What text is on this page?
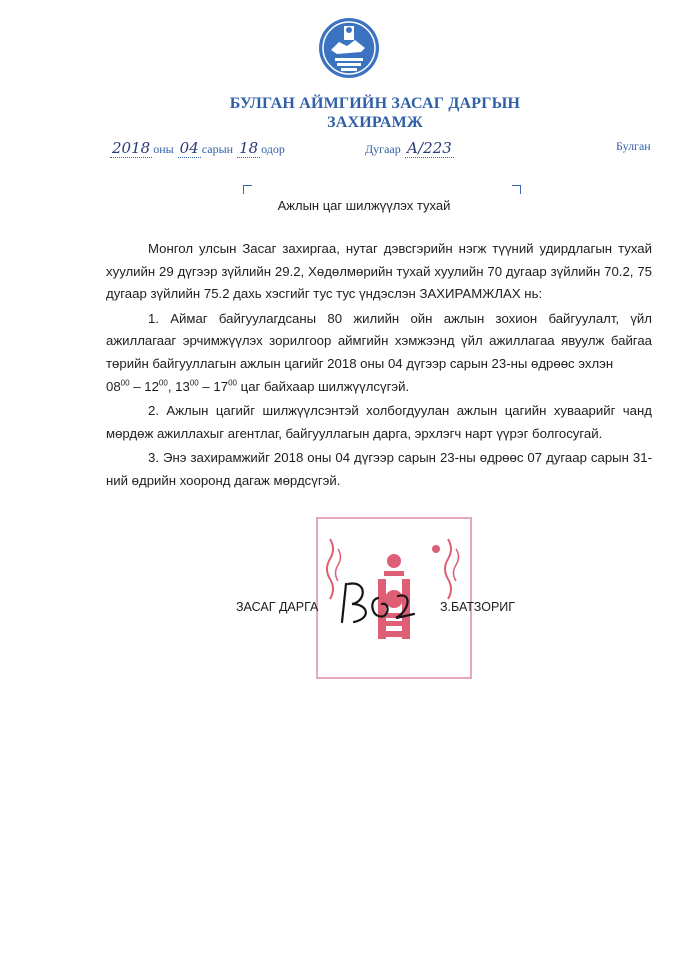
БУЛГАН АЙМГИЙН ЗАСАГ ДАРГЫН
ЗАХИРАМЖ
2018 оны 04 сарын 18 одор	Дугаар А/223	Булган
Ажлын цаг шилжүүлэх тухай

Монгол улсын Засаг захиргаа, нутаг дэвсгэрийн нэгж түүний удирдлагын тухай хуулийн 29 дүгээр зүйлийн 29.2, Хөдөлмөрийн тухай хуулийн 70 дугаар зүйлийн 70.2, 75 дугаар зүйлийн 75.2 дахь хэсгийг тус тус үндэслэн ЗАХИРАМЖЛАХ нь:

1. Аймаг байгуулагдсаны 80 жилийн ойн ажлын зохион байгуулалт, үйл ажиллагаaг эрчимжүүлэх зорилгоор аймгийн хэмжээнд үйл ажиллагаа явуулж байгаа төрийн байгууллагын ажлын цагийг 2018 оны 04 дүгээр сарын 23-ны өдрөөс эхлэн
$08^{00} - 12^{00}$, $13^{00} - 17^{00}$ цаг байхаар шилжүүлсүгэй.

2. Ажлын цагийг шилжүүлсэнтэй холбогдуулан ажлын цагийн хуваарийг чанд мөрдөж ажиллахыг агентлаг, байгууллагын дарга, эрхлэгч нарт үүрэг болгосугай.

3. Энэ захирамжийг 2018 оны 04 дүгээр сарын 23-ны өдрөөс 07 дугаар сарын 31-ний өдрийн хооронд дагаж мөрдсүгэй.

ЗАСАГ ДАРГА	З.БАТЗОРИГ
